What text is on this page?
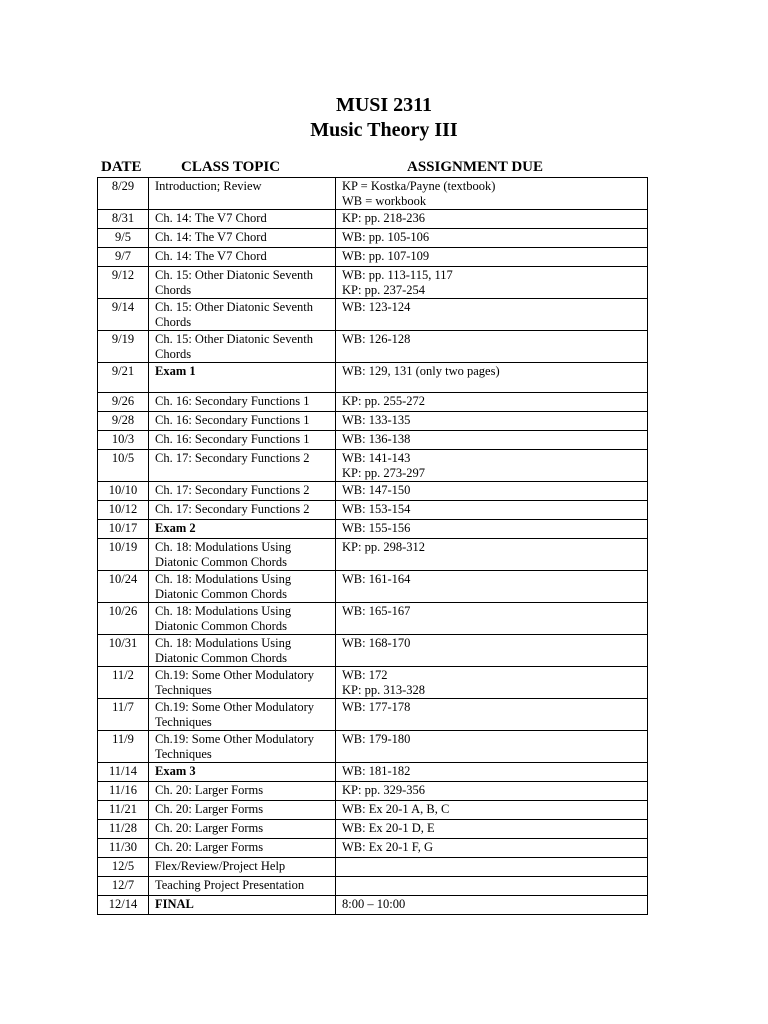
MUSI 2311
Music Theory III
DATE	CLASS TOPIC	ASSIGNMENT DUE
8/29	Introduction; Review	KP = Kostka/Payne (textbook)
WB = workbook

8/31	Ch. 14: The V7 Chord	KP: pp. 218-236

9/5	Ch. 14: The V7 Chord	WB: pp. 105-106

9/7	Ch. 14: The V7 Chord	WB: pp. 107-109

9/12	Ch. 15: Other Diatonic Seventh
Chords	WB: pp. 113-115, 117
KP: pp. 237-254

9/14	Ch. 15: Other Diatonic Seventh
Chords	WB: 123-124

9/19	Ch. 15: Other Diatonic Seventh
Chords	WB: 126-128

9/21	Exam 1	WB: 129, 131 (only two pages)

9/26	Ch. 16: Secondary Functions 1	KP: pp. 255-272

9/28	Ch. 16: Secondary Functions 1	WB: 133-135

10/3	Ch. 16: Secondary Functions 1	WB: 136-138

10/5	Ch. 17: Secondary Functions 2	WB: 141-143
KP: pp. 273-297

10/10	Ch. 17: Secondary Functions 2	WB: 147-150

10/12	Ch. 17: Secondary Functions 2	WB: 153-154

10/17	Exam 2	WB: 155-156

10/19	Ch. 18: Modulations Using
Diatonic Common Chords	KP: pp. 298-312

10/24	Ch. 18: Modulations Using
Diatonic Common Chords	WB: 161-164

10/26	Ch. 18: Modulations Using
Diatonic Common Chords	WB: 165-167

10/31	Ch. 18: Modulations Using
Diatonic Common Chords	WB: 168-170

11/2	Ch.19: Some Other Modulatory
Techniques	WB: 172
KP: pp. 313-328

11/7	Ch.19: Some Other Modulatory
Techniques	WB: 177-178

11/9	Ch.19: Some Other Modulatory
Techniques	WB: 179-180

11/14	Exam 3	WB: 181-182

11/16	Ch. 20: Larger Forms	KP: pp. 329-356

11/21	Ch. 20: Larger Forms	WB: Ex 20-1 A, B, C

11/28	Ch. 20: Larger Forms	WB: Ex 20-1 D, E

11/30	Ch. 20: Larger Forms	WB: Ex 20-1 F, G

12/5	Flex/Review/Project Help	

12/7	Teaching Project Presentation	

12/14	FINAL	8:00 – 10:00
